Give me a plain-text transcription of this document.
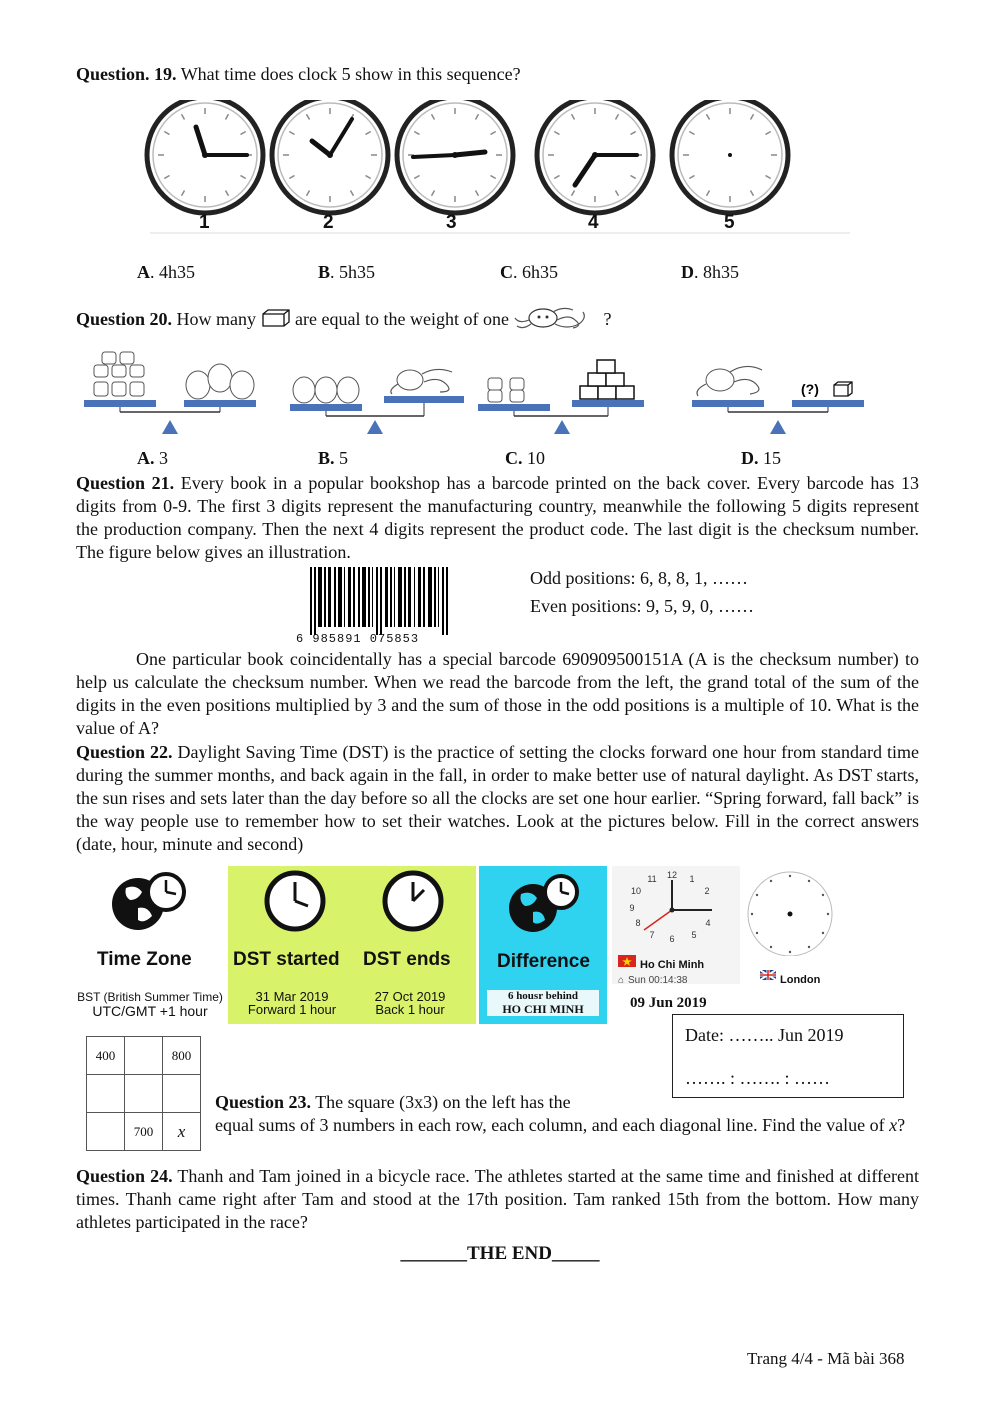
Question. 19. What time does clock 5 show in this sequence?
1	2	3	4	5
A. 4h35	B. 5h35	C. 6h35	D. 8h35
Question 20. How many  are equal to the weight of one	?
(?)
A. 3	B. 5	C. 10	D. 15
Question 21. Every book in a popular bookshop has a barcode printed on the back cover. Every barcode has 13 digits from 0-9. The first 3 digits represent the manufacturing country, meanwhile the following 5 digits represent the production company. Then the next 4 digits represent the product code. The last digit is the checksum number. The figure below gives an illustration.
6 985891 075853
Odd positions: 6, 8, 8, 1, ……
Even positions: 9, 5, 9, 0, ……
One particular book coincidentally has a special barcode 690909500151A (A is the checksum number) to help us calculate the checksum number. When we read the barcode from the left, the grand total of the sum of the digits in the even positions multiplied by 3 and the sum of those in the odd positions is a multiple of 10. What is the value of A?
Question 22. Daylight Saving Time (DST) is the practice of setting the clocks forward one hour from standard time during the summer months, and back again in the fall, in order to make better use of natural daylight. As DST starts, the sun rises and sets later than the day before so all the clocks are set one hour earlier. “Spring forward, fall back” is the way people use to remember how to set their watches. Look at the pictures below. Fill in the correct answers (date, hour, minute and second)
Time Zone
BST (British Summer Time)
UTC/GMT +1 hour
DST started DST ends
31 Mar 2019
Forward 1 hour
27 Oct 2019
Back 1 hour
Difference
6 housr behind
HO CHI MINH
12 1
2
4
5
6
7
8
9
10
11
Ho Chi Minh
⌂ Sun 00:14:38	London
09 Jun 2019
Date: …….. Jun 2019
……. : ……. : ……
400		800

	700	x
Question 23. The square (3x3) on the left has the
equal sums of 3 numbers in each row, each column, and each diagonal line. Find the value of x?
Question 24. Thanh and Tam joined in a bicycle race. The athletes started at the same time and finished at different times. Thanh came right after Tam and stood at the 17th position. Tam ranked 15th from the bottom. How many athletes participated in the race?
_______THE END_____
Trang 4/4 - Mã bài 368
